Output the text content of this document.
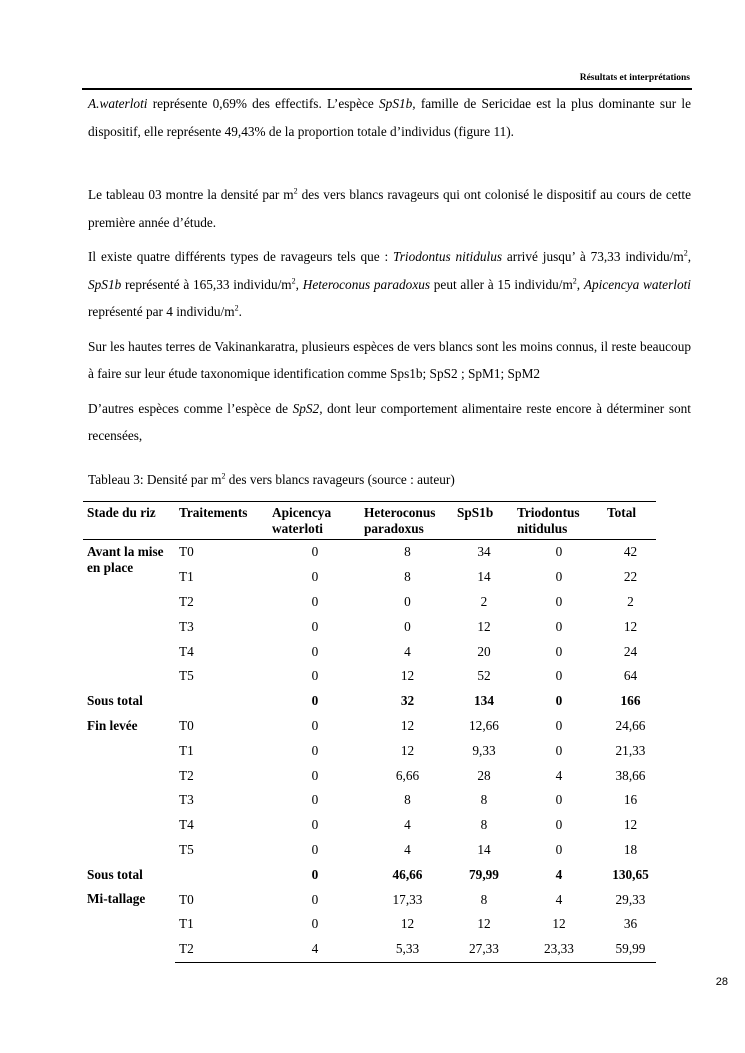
Résultats et interprétations

A.waterloti représente 0,69% des effectifs. L’espèce SpS1b, famille de Sericidae est la plus dominante sur le dispositif, elle représente 49,43% de la proportion totale d’individus (figure 11).

Le tableau 03 montre la densité par $m^2$ des vers blancs ravageurs qui ont colonisé le dispositif au cours de cette première année d’étude.

Il existe quatre différents types de ravageurs tels que : Triodontus nitidulus arrivé jusqu’ à 73,33 individu/$m^2$, SpS1b représenté à 165,33 individu/$m^2$, Heteroconus paradoxus peut aller à 15 individu/$m^2$, Apicencya waterloti représenté par 4 individu/$m^2$.

Sur les hautes terres de Vakinankaratra, plusieurs espèces de vers blancs sont les moins connus, il reste beaucoup à faire sur leur étude taxonomique identification comme Sps1b; SpS2 ; SpM1; SpM2

D’autres espèces comme l’espèce de SpS2, dont leur comportement alimentaire reste encore à déterminer sont recensées,

Tableau 3: Densité par $m^2$ des vers blancs ravageurs (source : auteur)
Stade du riz	Traitements	Apicencya waterloti	Heteroconus paradoxus	SpS1b	Triodontus nitidulus	Total
Avant la mise en place	T0	0	8	34	0	42
	T1	0	8	14	0	22
	T2	0	0	2	0	2
	T3	0	0	12	0	12
	T4	0	4	20	0	24
	T5	0	12	52	0	64
Sous total		0	32	134	0	166
Fin levée	T0	0	12	12,66	0	24,66
	T1	0	12	9,33	0	21,33
	T2	0	6,66	28	4	38,66
	T3	0	8	8	0	16
	T4	0	4	8	0	12
	T5	0	4	14	0	18
Sous total		0	46,66	79,99	4	130,65
Mi-tallage	T0	0	17,33	8	4	29,33
	T1	0	12	12	12	36
	T2	4	5,33	27,33	23,33	59,99
28
